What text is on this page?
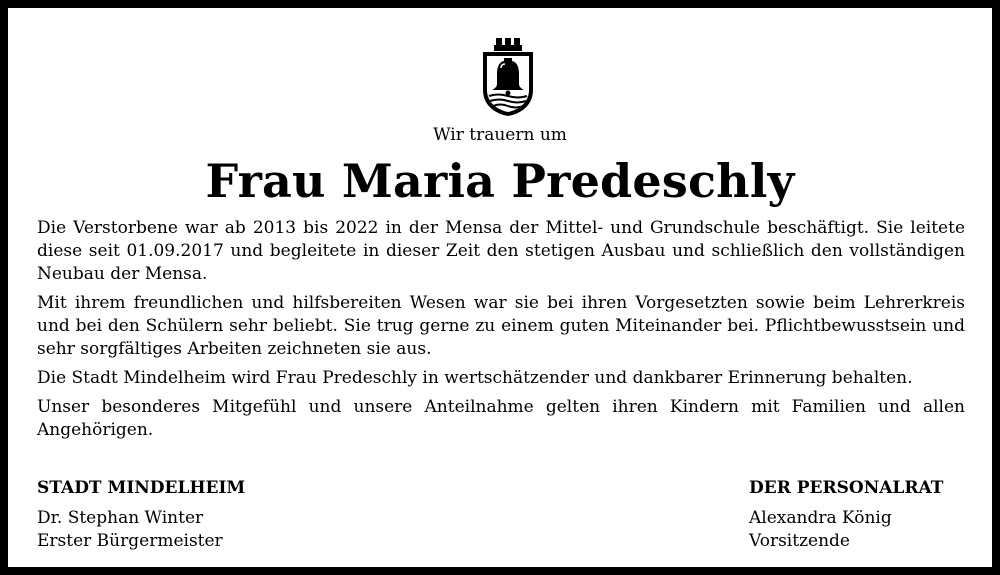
Wir trauern um
Frau Maria Predeschly

Die Verstorbene war ab 2013 bis 2022 in der Mensa der Mittel- und Grundschule beschäftigt. Sie leitete diese seit 01.09.2017 und begleitete in dieser Zeit den stetigen Ausbau und schließlich den vollständigen Neubau der Mensa.

Mit ihrem freundlichen und hilfsbereiten Wesen war sie bei ihren Vorgesetzten sowie beim Lehrerkreis und bei den Schülern sehr beliebt. Sie trug gerne zu einem guten Miteinander bei. Pflichtbewusstsein und sehr sorgfältiges Arbeiten zeichneten sie aus.

Die Stadt Mindelheim wird Frau Predeschly in wertschätzender und dankbarer Erinnerung behalten.

Unser besonderes Mitgefühl und unsere Anteilnahme gelten ihren Kindern mit Familien und allen Angehörigen.

STADT MINDELHEIM
Dr. Stephan Winter
Erster Bürgermeister
DER PERSONALRAT
Alexandra König
Vorsitzende
